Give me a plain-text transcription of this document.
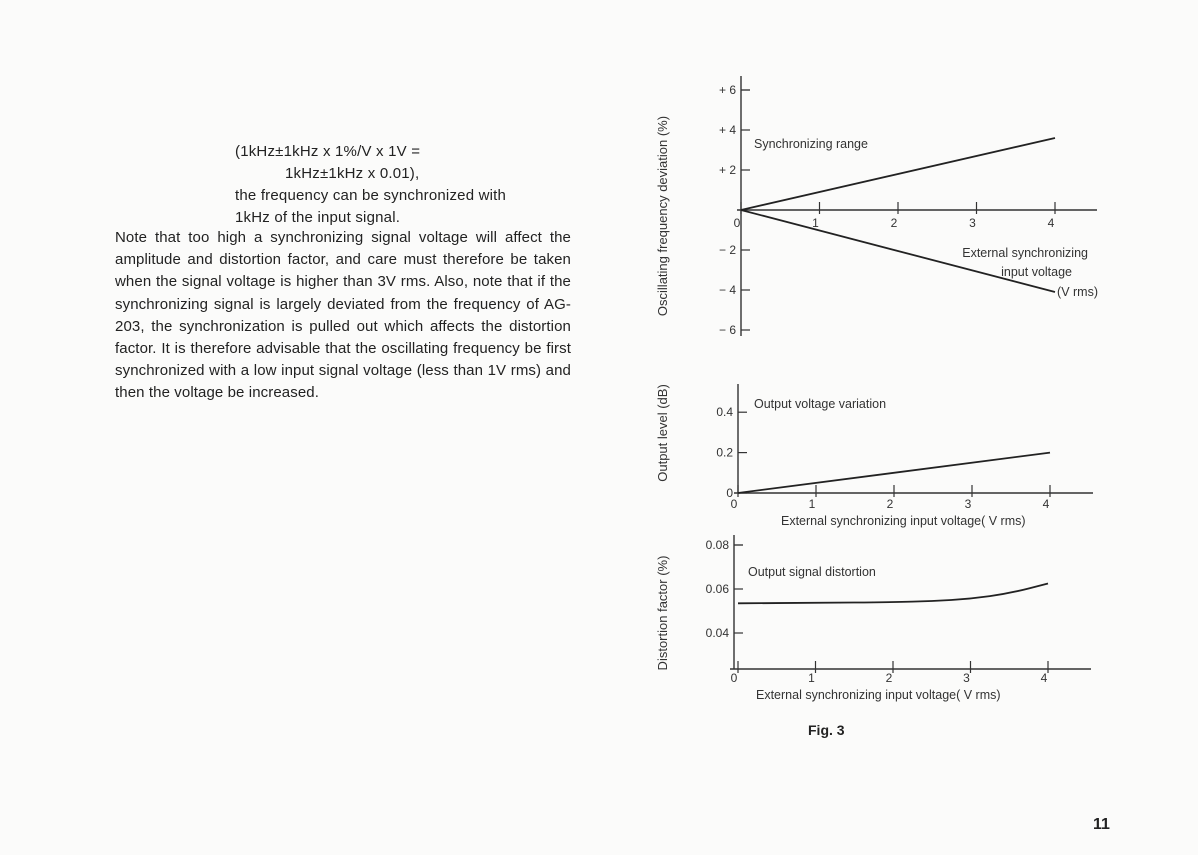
(1kHz±1kHz x 1%/V x 1V =
1kHz±1kHz x 0.01),
the frequency can be synchronized with
1kHz of the input signal.
Note that too high a synchronizing signal voltage will affect the amplitude and distortion factor, and care must therefore be taken when the signal voltage is higher than 3V rms. Also, note that if the synchronizing signal is largely deviated from the frequency of AG-203, the synchronization is pulled out which affects the distortion factor. It is therefore advisable that the oscillating frequency be first synchronized with a low input signal voltage (less than 1V rms) and then the voltage be increased.
Oscillating frequency deviation (%)	Synchronizing range
External synchronizing
input voltage
(V rms)
+ 6
+ 4
+ 2
− 2
− 4
− 6
0	1	2	3	4
Output level (dB)	Output voltage variation
External synchronizing input voltage( V rms)
0.4
0.2
0
0	1	2	3	4
Distortion factor (%)	Output signal distortion
External synchronizing input voltage( V rms)
0.08
0.06
0.04
0	1	2	3	4
Fig. 3
11
